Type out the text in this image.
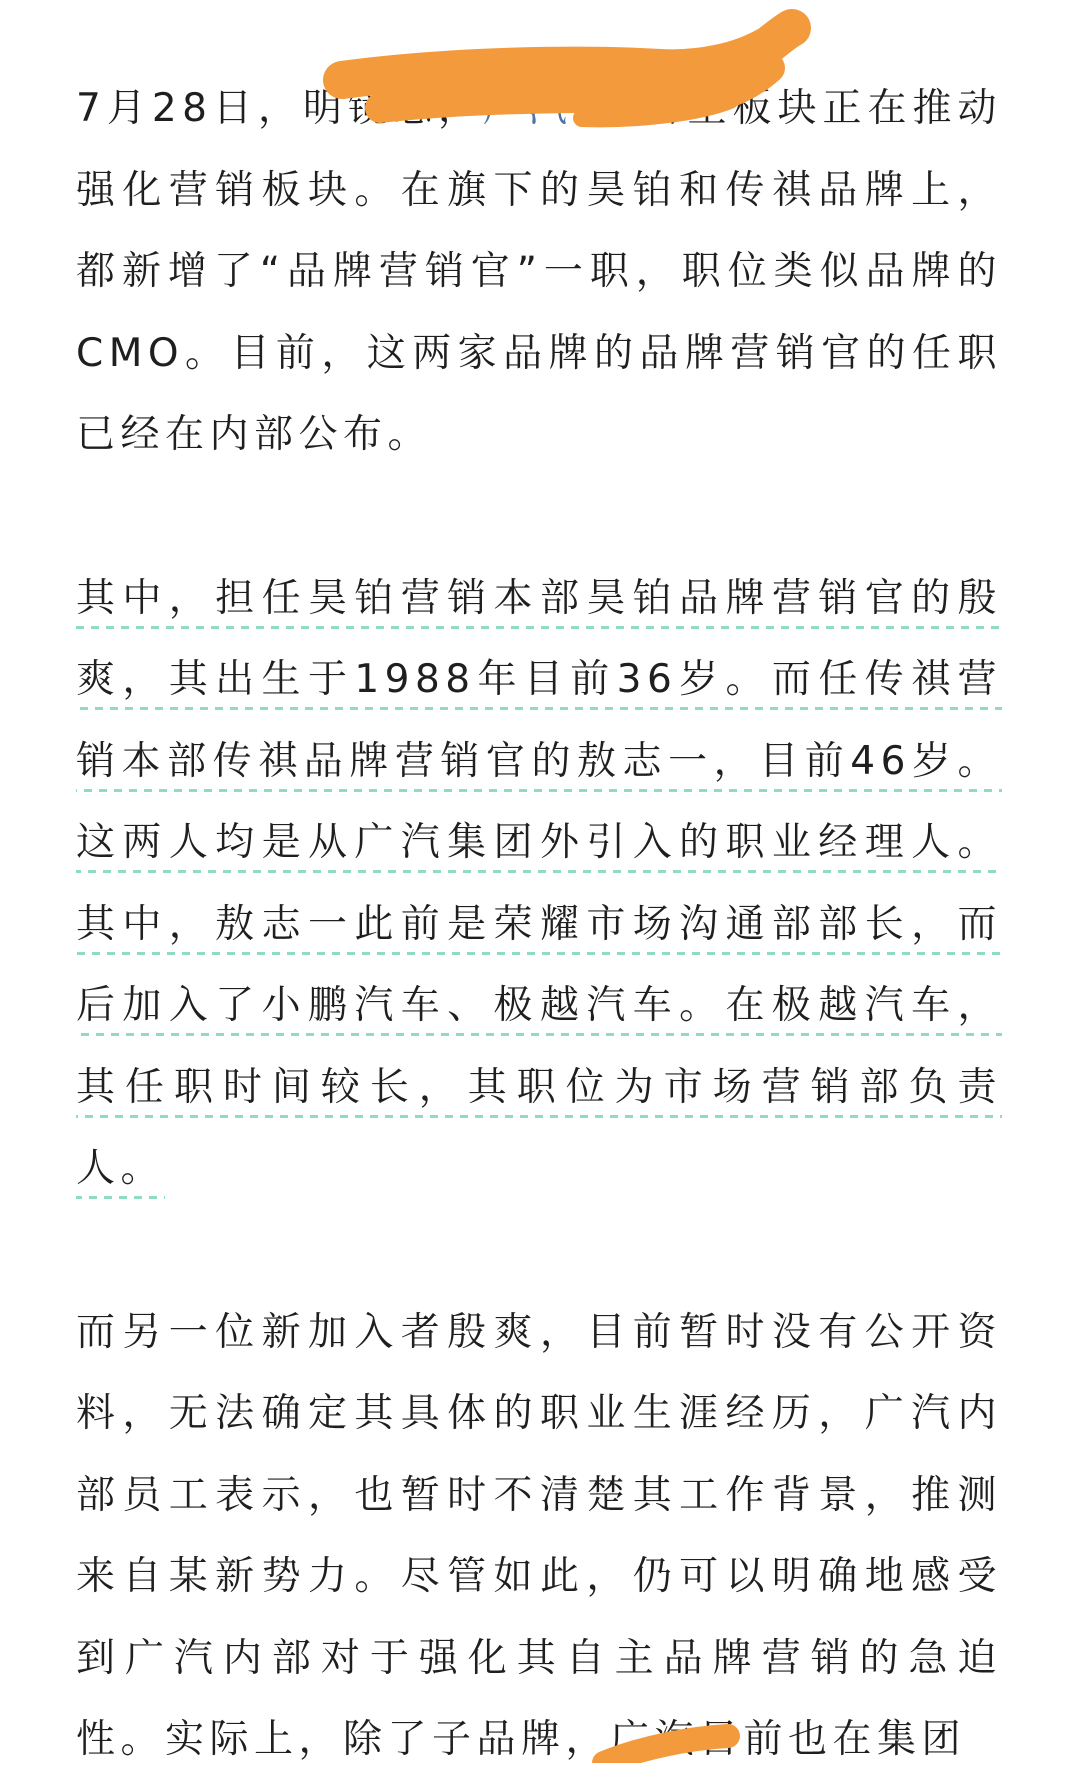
7月28日，明镜悉，广汽 在自主板块正在推动强化营销板块。在旗下的昊铂和传祺品牌上，都新增了“品牌营销官”一职，职位类似品牌的CMO。目前，这两家品牌的品牌营销官的任职已经在内部公布。

其中，担任昊铂营销本部昊铂品牌营销官的殷爽，其出生于1988年目前36岁。而任传祺营销本部传祺品牌营销官的敖志一，目前46岁。这两人均是从广汽集团外引入的职业经理人。其中，敖志一此前是荣耀市场沟通部部长，而后加入了小鹏汽车、极越汽车。在极越汽车，其任职时间较长，其职位为市场营销部负责人。

而另一位新加入者殷爽，目前暂时没有公开资料，无法确定其具体的职业生涯经历，广汽内部员工表示，也暂时不清楚其工作背景，推测来自某新势力。尽管如此，仍可以明确地感受到广汽内部对于强化其自主品牌营销的急迫性。实际上，除了子品牌，广汽目前也在集团
